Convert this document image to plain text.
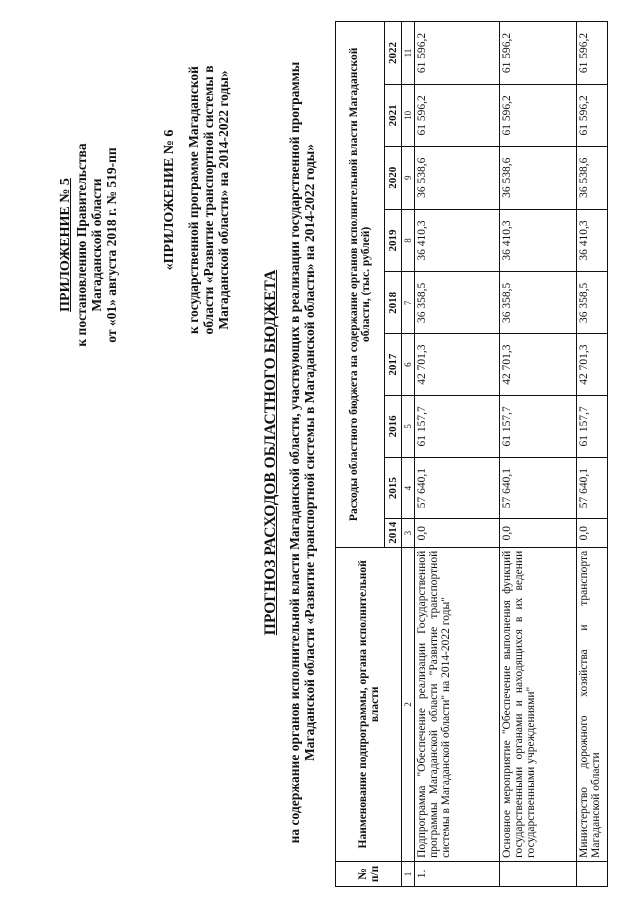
ПРИЛОЖЕНИЕ № 5 к постановлению Правительства Магаданской области от «01» августа 2018 г. № 519-пп	«ПРИЛОЖЕНИЕ № 6 к государственной программе Магаданской области «Развитие транспортной системы в Магаданской области» на 2014-2022 годы»
ПРОГНОЗ РАСХОДОВ ОБЛАСТНОГО БЮДЖЕТА на содержание органов исполнительной власти Магаданской области, участвующих в реализации государственной программы Магаданской области «Развитие транспортной системы в Магаданской области» на 2014-2022 годы»
№ п/п	Наименование подпрограммы, органа исполнительной власти	Расходы областного бюджета на содержание органов исполнительной власти Магаданской области, (тыс. рублей)								
		2014	2015	2016	2017	2018	2019	2020	2021	2022
1	2	3	4	5	6	7	8	9	10	11
1.	Подпрограмма "Обеспечение реализации Государственной программы Магаданской области "Развитие транспортной системы в Магаданской области" на 2014-2022 годы"	0,0	57 640,1	61 157,7	42 701,3	36 358,5	36 410,3	36 538,6	61 596,2	61 596,2
	Основное мероприятие "Обеспечение выполнения функций государственными органами и находящихся в их ведении государственными учреждениями"	0,0	57 640,1	61 157,7	42 701,3	36 358,5	36 410,3	36 538,6	61 596,2	61 596,2
	Министерство дорожного хозяйства и транспорта Магаданской области	0,0	57 640,1	61 157,7	42 701,3	36 358,5	36 410,3	36 538,6	61 596,2	61 596,2
